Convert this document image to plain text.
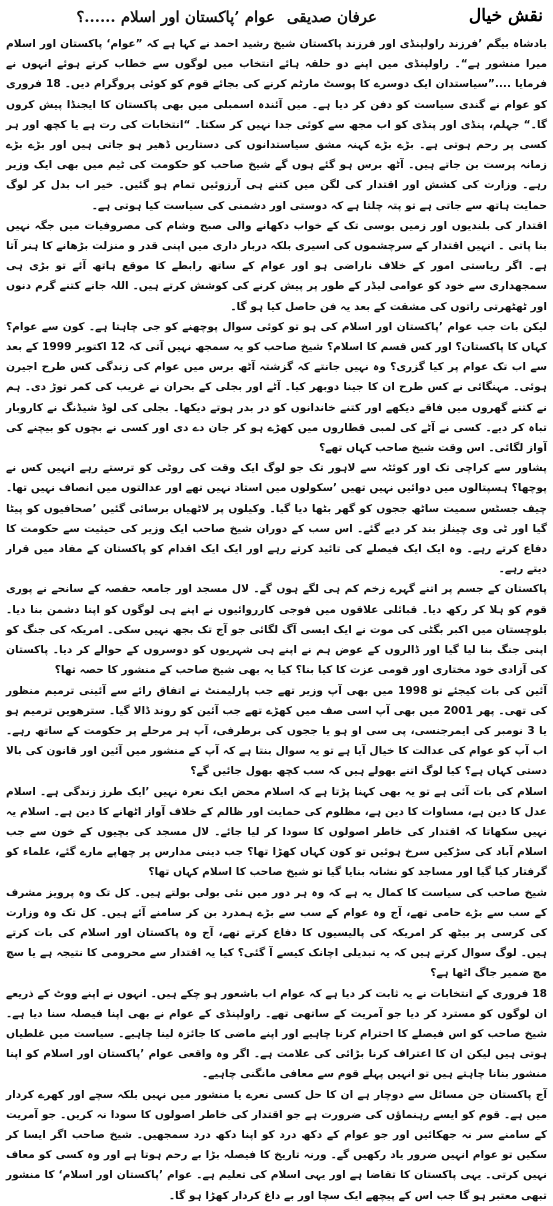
نقش خیال
عرفان صدیقی
عوام ’پاکستان اور اسلام ......؟

بادشاہ بیگم ’فرزند راولپنڈی اور فرزند پاکستان شیخ رشید احمد نے کہا ہے کہ ”عوام‘ پاکستان اور اسلام میرا منشور ہے“۔ راولپنڈی میں اپنے دو حلقہ ہائے انتخاب میں لوگوں سے خطاب کرتے ہوئے انہوں نے فرمایا ....”سیاستدان ایک دوسرے کا پوسٹ مارٹم کرنے کی بجائے قوم کو کوئی پروگرام دیں۔ 18 فروری کو عوام نے گندی سیاست کو دفن کر دیا ہے۔ میں آئندہ اسمبلی میں بھی پاکستان کا ایجنڈا پیش کروں گا۔“ جہلم، پنڈی اور پنڈی کو اب مجھ سے کوئی جدا نہیں کر سکتا۔ “انتخابات کی رت ہے یا کچھ اور ہر کسی پر رحم ہوتی ہے۔ بڑے بڑے کہنہ مشق سیاستدانوں کی دستاریں ڈھیر ہو جاتی ہیں اور بڑے بڑے زمانہ پرست بن جاتے ہیں۔ آٹھ برس ہو گئے ہوں گے شیخ صاحب کو حکومت کی ٹیم میں بھی ایک وزیر رہے۔ وزارت کی کشش اور اقتدار کی لگن میں کتنے ہی آرزوئیں تمام ہو گئیں۔ خیر اب بدل کر لوگ حمایت ہاتھ سے جاتی ہے تو پتہ چلتا ہے کہ دوستی اور دشمنی کی سیاست کیا ہوتی ہے۔

اقتدار کی بلندیوں اور زمیں بوسی تک کے خواب دکھانے والی صبح وشام کی مصروفیات میں جگہ نہیں بنا پاتی ۔ انہیں اقتدار کے سرچشموں کی اسیری بلکہ دربار داری میں اپنی قدر و منزلت بڑھانے کا ہنر آتا ہے۔ اگر ریاستی امور کے خلاف ناراضی ہو اور عوام کے ساتھ رابطے کا موقع ہاتھ آئے تو بڑی ہی سمجھداری سے خود کو عوامی لیڈر کے طور پر پیش کرنے کی کوشش کرتے ہیں۔ اللہ جانے کتنے گرم دنوں اور ٹھٹھرتی راتوں کی مشقت کے بعد یہ فن حاصل کیا ہو گا۔

لیکن بات جب عوام ’پاکستان اور اسلام کی ہو تو کوئی سوال پوچھنے کو جی چاہتا ہے۔ کون سے عوام؟ کہاں کا پاکستان؟ اور کس قسم کا اسلام؟ شیخ صاحب کو یہ سمجھ نہیں آتی کہ 12 اکتوبر 1999 کے بعد سے اب تک عوام پر کیا گزری؟ وہ نہیں جانتے کہ گزشتہ آٹھ برس میں عوام کی زندگی کس طرح اجیرن ہوئی۔ مہنگائی نے کس طرح ان کا جینا دوبھر کیا۔ آٹے اور بجلی کے بحران نے غریب کی کمر توڑ دی۔ ہم نے کتنے گھروں میں فاقے دیکھے اور کتنے خاندانوں کو در بدر ہوتے دیکھا۔ بجلی کی لوڈ شیڈنگ نے کاروبار تباہ کر دیے۔ کسی نے آٹے کی لمبی قطاروں میں کھڑے ہو کر جان دے دی اور کسی نے بچوں کو بیچنے کی آواز لگائی۔ اس وقت شیخ صاحب کہاں تھے؟

پشاور سے کراچی تک اور کوئٹہ سے لاہور تک جو لوگ ایک وقت کی روٹی کو ترستے رہے انہیں کس نے پوچھا؟ ہسپتالوں میں دوائیں نہیں تھیں ’سکولوں میں استاد نہیں تھے اور عدالتوں میں انصاف نہیں تھا۔ چیف جسٹس سمیت ساٹھ ججوں کو گھر بٹھا دیا گیا۔ وکیلوں پر لاٹھیاں برسائی گئیں ’صحافیوں کو پیٹا گیا اور ٹی وی چینلز بند کر دیے گئے۔ اس سب کے دوران شیخ صاحب ایک وزیر کی حیثیت سے حکومت کا دفاع کرتے رہے۔ وہ ایک ایک فیصلے کی تائید کرتے رہے اور ایک ایک اقدام کو پاکستان کے مفاد میں قرار دیتے رہے۔

پاکستان کے جسم پر اتنے گہرے زخم کم ہی لگے ہوں گے۔ لال مسجد اور جامعہ حفصہ کے سانحے نے پوری قوم کو ہلا کر رکھ دیا۔ قبائلی علاقوں میں فوجی کارروائیوں نے اپنے ہی لوگوں کو اپنا دشمن بنا دیا۔ بلوچستان میں اکبر بگٹی کی موت نے ایک ایسی آگ لگائی جو آج تک بجھ نہیں سکی۔ امریکہ کی جنگ کو اپنی جنگ بنا لیا گیا اور ڈالروں کے عوض ہم نے اپنے ہی شہریوں کو دوسروں کے حوالے کر دیا۔ پاکستان کی آزادی خود مختاری اور قومی عزت کا کیا بنا؟ کیا یہ بھی شیخ صاحب کے منشور کا حصہ تھا؟

آئین کی بات کیجئے تو 1998 میں بھی آپ وزیر تھے جب پارلیمنٹ نے اتفاق رائے سے آئینی ترمیم منظور کی تھی۔ پھر 2001 میں بھی آپ اسی صف میں کھڑے تھے جب آئین کو روند ڈالا گیا۔ سترھویں ترمیم ہو یا 3 نومبر کی ایمرجنسی، پی سی او ہو یا ججوں کی برطرفی، آپ ہر مرحلے پر حکومت کے ساتھ رہے۔ اب آپ کو عوام کی عدالت کا خیال آیا ہے تو یہ سوال بنتا ہے کہ آپ کے منشور میں آئین اور قانون کی بالا دستی کہاں ہے؟ کیا لوگ اتنے بھولے ہیں کہ سب کچھ بھول جائیں گے؟

اسلام کی بات آئی ہے تو یہ بھی کہنا پڑتا ہے کہ اسلام محض ایک نعرہ نہیں ’ایک طرز زندگی ہے۔ اسلام عدل کا دین ہے، مساوات کا دین ہے، مظلوم کی حمایت اور ظالم کے خلاف آواز اٹھانے کا دین ہے۔ اسلام یہ نہیں سکھاتا کہ اقتدار کی خاطر اصولوں کا سودا کر لیا جائے۔ لال مسجد کی بچیوں کے خون سے جب اسلام آباد کی سڑکیں سرخ ہوئیں تو کون کہاں کھڑا تھا؟ جب دینی مدارس پر چھاپے مارے گئے، علماء کو گرفتار کیا گیا اور مساجد کو نشانہ بنایا گیا تو شیخ صاحب کا اسلام کہاں تھا؟

شیخ صاحب کی سیاست کا کمال یہ ہے کہ وہ ہر دور میں نئی بولی بولتے ہیں۔ کل تک وہ پرویز مشرف کے سب سے بڑے حامی تھے، آج وہ عوام کے سب سے بڑے ہمدرد بن کر سامنے آئے ہیں۔ کل تک وہ وزارت کی کرسی پر بیٹھ کر امریکہ کی پالیسیوں کا دفاع کرتے تھے، آج وہ پاکستان اور اسلام کی بات کرتے ہیں۔ لوگ سوال کرتے ہیں کہ یہ تبدیلی اچانک کیسے آ گئی؟ کیا یہ اقتدار سے محرومی کا نتیجہ ہے یا سچ مچ ضمیر جاگ اٹھا ہے؟

18 فروری کے انتخابات نے یہ ثابت کر دیا ہے کہ عوام اب باشعور ہو چکے ہیں۔ انہوں نے اپنے ووٹ کے ذریعے ان لوگوں کو مسترد کر دیا جو آمریت کے ساتھی تھے۔ راولپنڈی کے عوام نے بھی اپنا فیصلہ سنا دیا ہے۔ شیخ صاحب کو اس فیصلے کا احترام کرنا چاہیے اور اپنے ماضی کا جائزہ لینا چاہیے۔ سیاست میں غلطیاں ہوتی ہیں لیکن ان کا اعتراف کرنا بڑائی کی علامت ہے۔ اگر وہ واقعی عوام ’پاکستان اور اسلام کو اپنا منشور بنانا چاہتے ہیں تو انہیں پہلے قوم سے معافی مانگنی چاہیے۔

آج پاکستان جن مسائل سے دوچار ہے ان کا حل کسی نعرے یا منشور میں نہیں بلکہ سچے اور کھرے کردار میں ہے۔ قوم کو ایسے رہنماؤں کی ضرورت ہے جو اقتدار کی خاطر اصولوں کا سودا نہ کریں۔ جو آمریت کے سامنے سر نہ جھکائیں اور جو عوام کے دکھ درد کو اپنا دکھ درد سمجھیں۔ شیخ صاحب اگر ایسا کر سکیں تو عوام انہیں ضرور یاد رکھیں گے۔ ورنہ تاریخ کا فیصلہ بڑا بے رحم ہوتا ہے اور وہ کسی کو معاف نہیں کرتی۔ یہی پاکستان کا تقاضا ہے اور یہی اسلام کی تعلیم ہے۔ عوام ’پاکستان اور اسلام‘ کا منشور تبھی معتبر ہو گا جب اس کے پیچھے ایک سچا اور بے داغ کردار کھڑا ہو گا۔
